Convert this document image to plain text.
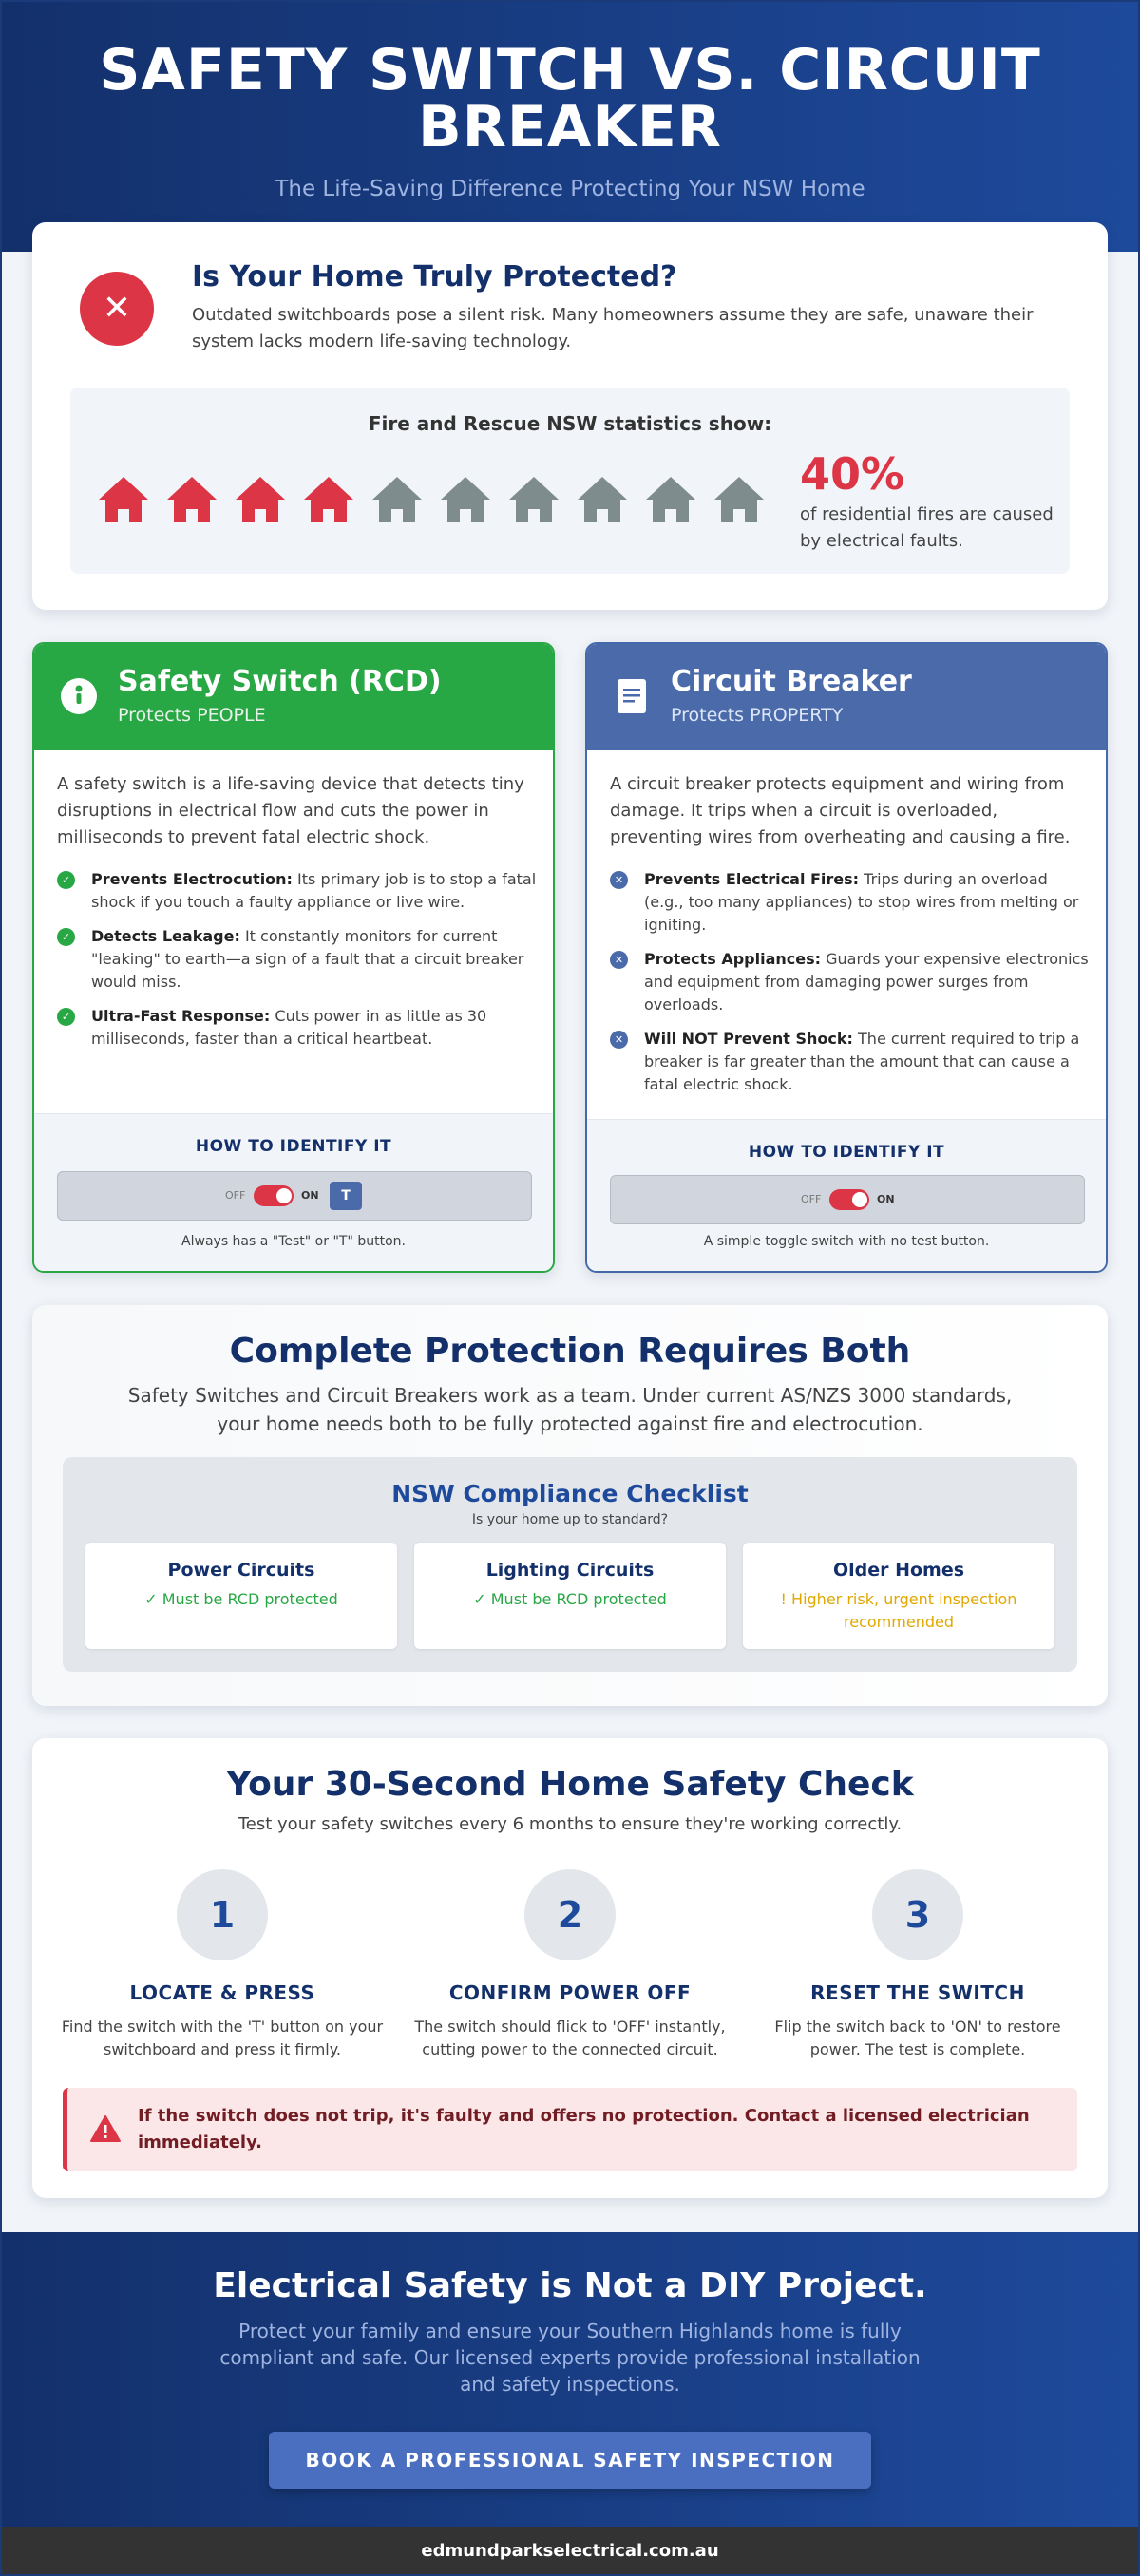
SAFETY SWITCH VS. CIRCUIT BREAKER
The Life-Saving Difference Protecting Your NSW Home
✕
Is Your Home Truly Protected?
Outdated switchboards pose a silent risk. Many homeowners assume they are safe, unaware their system lacks modern life-saving technology.
Fire and Rescue NSW statistics show:
40%
of residential fires are caused by electrical faults.
Safety Switch (RCD)
Protects PEOPLE
A safety switch is a life-saving device that detects tiny disruptions in electrical flow and cuts the power in milliseconds to prevent fatal electric shock.
✓	Prevents Electrocution: Its primary job is to stop a fatal shock if you touch a faulty appliance or live wire.
✓	Detects Leakage: It constantly monitors for current "leaking" to earth—a sign of a fault that a circuit breaker would miss.
✓	Ultra-Fast Response: Cuts power in as little as 30 milliseconds, faster than a critical heartbeat.
HOW TO IDENTIFY IT
OFF	ON	T
Always has a "Test" or "T" button.
Circuit Breaker
Protects PROPERTY
A circuit breaker protects equipment and wiring from damage. It trips when a circuit is overloaded, preventing wires from overheating and causing a fire.
✕	Prevents Electrical Fires: Trips during an overload (e.g., too many appliances) to stop wires from melting or igniting.
✕	Protects Appliances: Guards your expensive electronics and equipment from damaging power surges from overloads.
✕	Will NOT Prevent Shock: The current required to trip a breaker is far greater than the amount that can cause a fatal electric shock.
HOW TO IDENTIFY IT
OFF	ON
A simple toggle switch with no test button.
Complete Protection Requires Both
Safety Switches and Circuit Breakers work as a team. Under current AS/NZS 3000 standards, your home needs both to be fully protected against fire and electrocution.
NSW Compliance Checklist
Is your home up to standard?
Power Circuits
✓ Must be RCD protected
Lighting Circuits
✓ Must be RCD protected
Older Homes
! Higher risk, urgent inspection recommended
Your 30-Second Home Safety Check
Test your safety switches every 6 months to ensure they're working correctly.
1
LOCATE & PRESS
Find the switch with the 'T' button on your switchboard and press it firmly.
2
CONFIRM POWER OFF
The switch should flick to 'OFF' instantly, cutting power to the connected circuit.
3
RESET THE SWITCH
Flip the switch back to 'ON' to restore power. The test is complete.
If the switch does not trip, it's faulty and offers no protection. Contact a licensed electrician immediately.
Electrical Safety is Not a DIY Project.
Protect your family and ensure your Southern Highlands home is fully compliant and safe. Our licensed experts provide professional installation and safety inspections.
BOOK A PROFESSIONAL SAFETY INSPECTION
edmundparkselectrical.com.au
